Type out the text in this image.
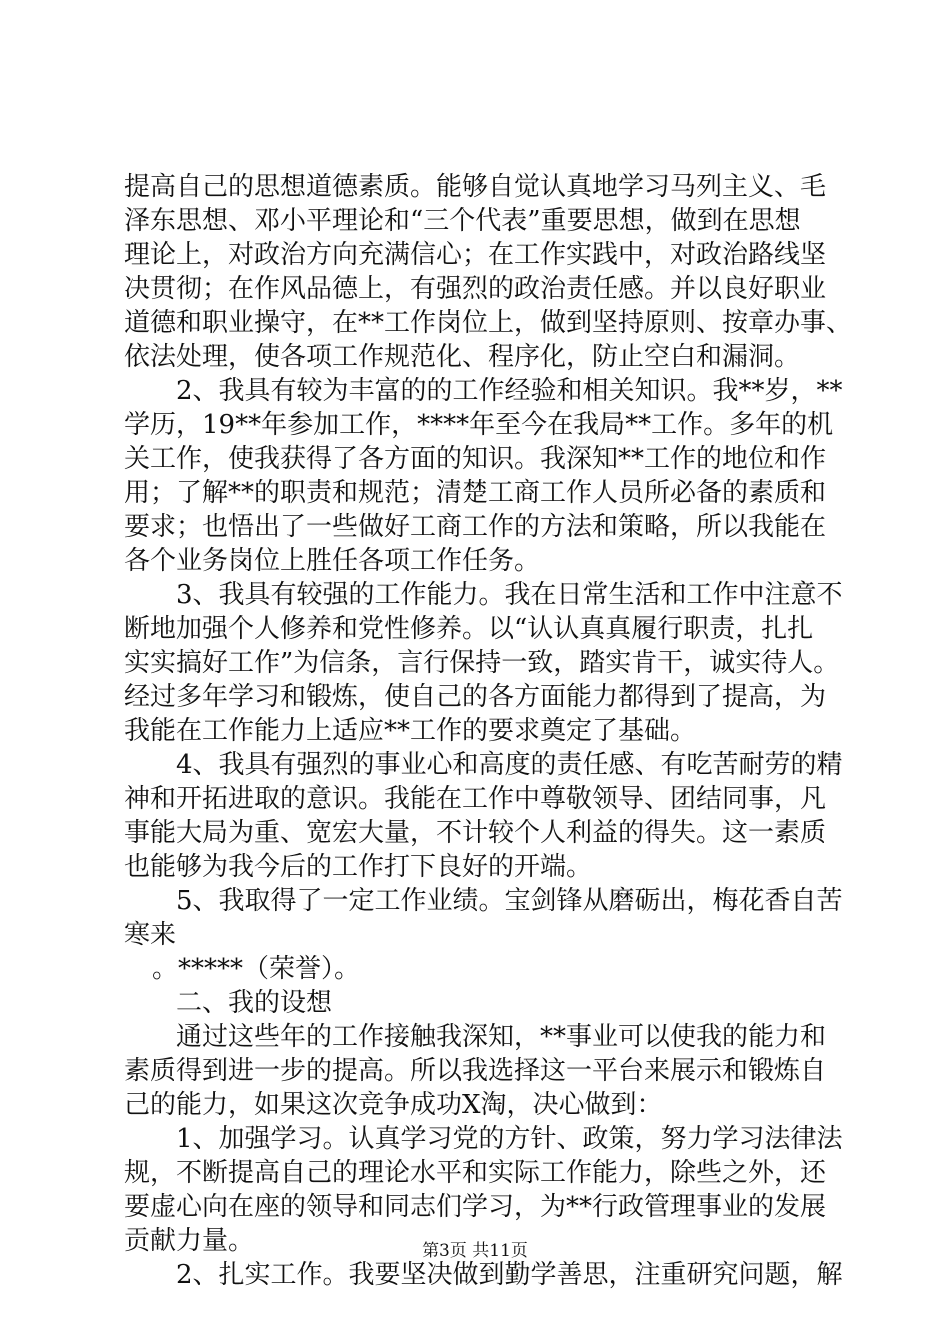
提高自己的思想道德素质。能够自觉认真地学习马列主义、毛
泽东思想、邓小平理论和“三个代表”重要思想，做到在思想
理论上，对政治方向充满信心；在工作实践中，对政治路线坚
决贯彻；在作风品德上，有强烈的政治责任感。并以良好职业
道德和职业操守，在**工作岗位上，做到坚持原则、按章办事、
依法处理，使各项工作规范化、程序化，防止空白和漏洞。
2、我具有较为丰富的的工作经验和相关知识。我**岁，**
学历，19**年参加工作，****年至今在我局**工作。多年的机
关工作，使我获得了各方面的知识。我深知**工作的地位和作
用；了解**的职责和规范；清楚工商工作人员所必备的素质和
要求；也悟出了一些做好工商工作的方法和策略，所以我能在
各个业务岗位上胜任各项工作任务。
3、我具有较强的工作能力。我在日常生活和工作中注意不
断地加强个人修养和党性修养。以“认认真真履行职责，扎扎
实实搞好工作”为信条，言行保持一致，踏实肯干，诚实待人。
经过多年学习和锻炼，使自己的各方面能力都得到了提高，为
我能在工作能力上适应**工作的要求奠定了基础。
4、我具有强烈的事业心和高度的责任感、有吃苦耐劳的精
神和开拓进取的意识。我能在工作中尊敬领导、团结同事，凡
事能大局为重、宽宏大量，不计较个人利益的得失。这一素质
也能够为我今后的工作打下良好的开端。
5、我取得了一定工作业绩。宝剑锋从磨砺出，梅花香自苦
寒来
。*****（荣誉）。
二、我的设想
通过这些年的工作接触我深知，**事业可以使我的能力和
素质得到进一步的提高。所以我选择这一平台来展示和锻炼自
己的能力，如果这次竞争成功X淘，决心做到：
1、加强学习。认真学习党的方针、政策，努力学习法律法
规，不断提高自己的理论水平和实际工作能力，除些之外，还
要虚心向在座的领导和同志们学习，为**行政管理事业的发展
贡献力量。
2、扎实工作。我要坚决做到勤学善思，注重研究问题，解
第3页 共11页
